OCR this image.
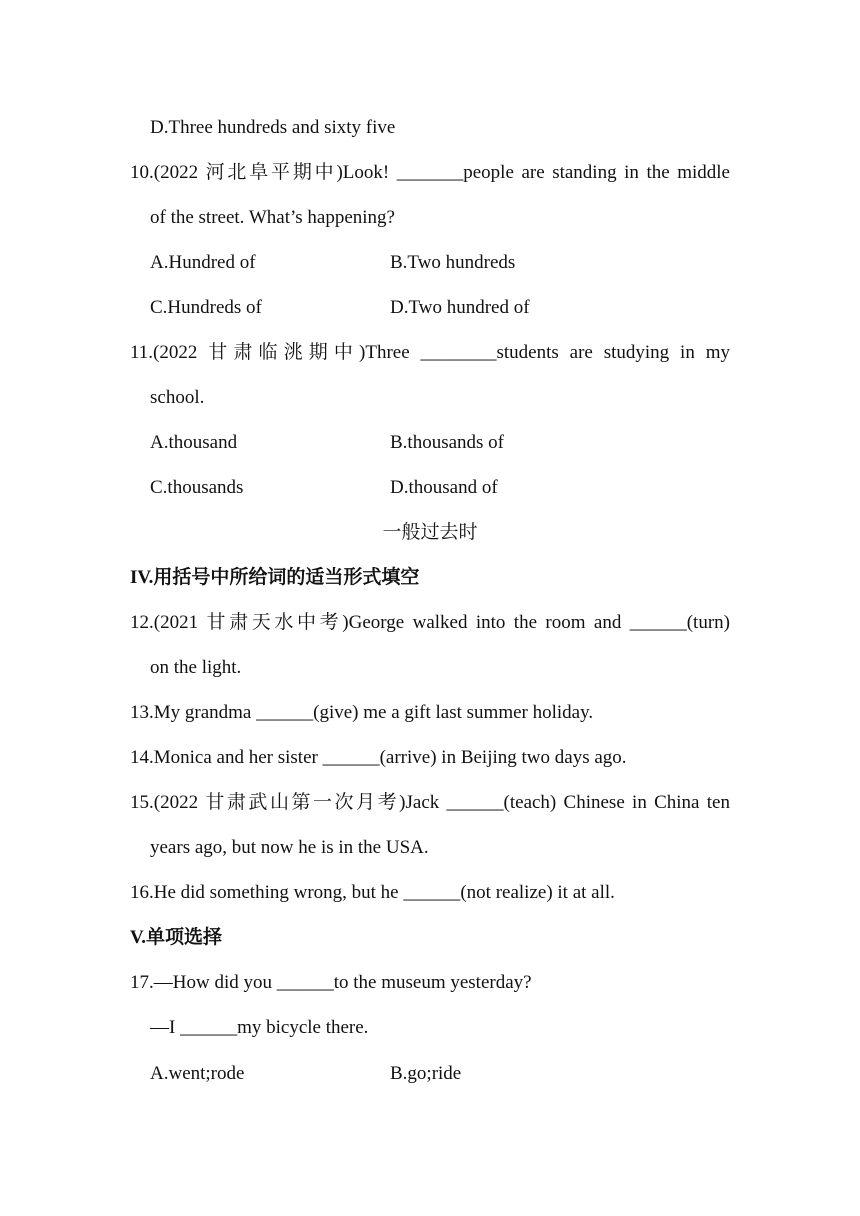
D.Three hundreds and sixty five
10.(2022 河北阜平期中)Look! _______people are standing in the middle
of the street. What’s happening?
A.Hundred of	B.Two hundreds
C.Hundreds of	D.Two hundred of
11.(2022 甘肃临洮期中)Three ________students are studying in my
school.
A.thousand	B.thousands of
C.thousands	D.thousand of
一般过去时
IV.用括号中所给词的适当形式填空
12.(2021 甘肃天水中考)George walked into the room and ______(turn)
on the light.
13.My grandma ______(give) me a gift last summer holiday.
14.Monica and her sister ______(arrive) in Beijing two days ago.
15.(2022 甘肃武山第一次月考)Jack ______(teach) Chinese in China ten
years ago, but now he is in the USA.
16.He did something wrong, but he ______(not realize) it at all.
V.单项选择
17.—How did you ______to the museum yesterday?
—I ______my bicycle there.
A.went;rode	B.go;ride
